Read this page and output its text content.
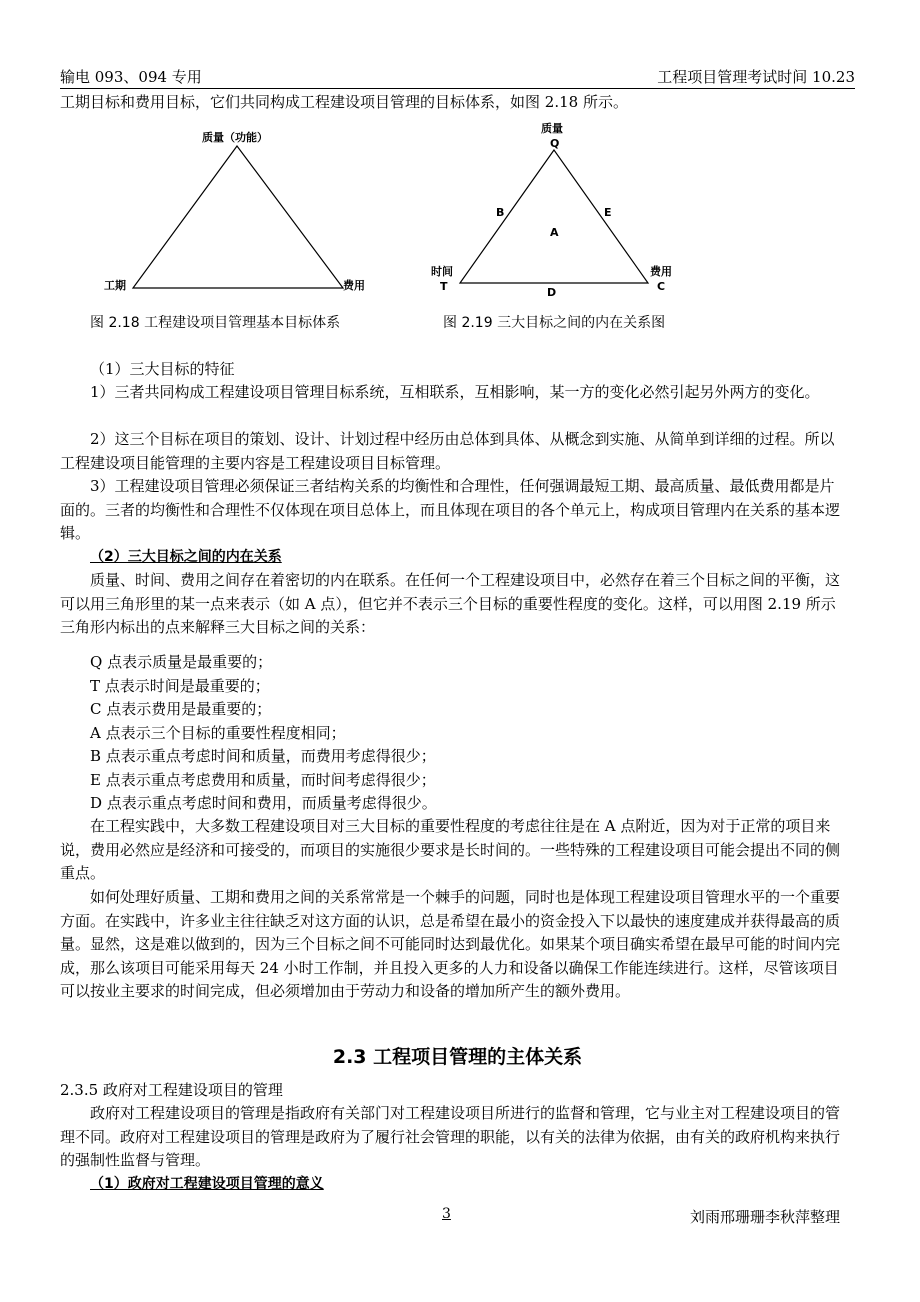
输电 093、094 专用	工程项目管理考试时间 10.23

工期目标和费用目标，它们共同构成工程建设项目管理的目标体系，如图 2.18 所示。

质量（功能）
工期	费用
质量
Q
时间
T
费用
C
B	E
A
D
图 2.18 工程建设项目管理基本目标体系	图 2.19 三大目标之间的内在关系图

（1）三大目标的特征

1）三者共同构成工程建设项目管理目标系统，互相联系，互相影响，某一方的变化必然引起另外两方的变化。

2）这三个目标在项目的策划、设计、计划过程中经历由总体到具体、从概念到实施、从简单到详细的过程。所以工程建设项目能管理的主要内容是工程建设项目目标管理。

3）工程建设项目管理必须保证三者结构关系的均衡性和合理性，任何强调最短工期、最高质量、最低费用都是片面的。三者的均衡性和合理性不仅体现在项目总体上，而且体现在项目的各个单元上，构成项目管理内在关系的基本逻辑。

（2）三大目标之间的内在关系

质量、时间、费用之间存在着密切的内在联系。在任何一个工程建设项目中，必然存在着三个目标之间的平衡，这可以用三角形里的某一点来表示（如 A 点），但它并不表示三个目标的重要性程度的变化。这样，可以用图 2.19 所示三角形内标出的点来解释三大目标之间的关系：

Q 点表示质量是最重要的；

T 点表示时间是最重要的；

C 点表示费用是最重要的；

A 点表示三个目标的重要性程度相同；

B 点表示重点考虑时间和质量，而费用考虑得很少；

E 点表示重点考虑费用和质量，而时间考虑得很少；

D 点表示重点考虑时间和费用，而质量考虑得很少。

在工程实践中，大多数工程建设项目对三大目标的重要性程度的考虑往往是在 A 点附近，因为对于正常的项目来说，费用必然应是经济和可接受的，而项目的实施很少要求是长时间的。一些特殊的工程建设项目可能会提出不同的侧重点。

如何处理好质量、工期和费用之间的关系常常是一个棘手的问题，同时也是体现工程建设项目管理水平的一个重要方面。在实践中，许多业主往往缺乏对这方面的认识，总是希望在最小的资金投入下以最快的速度建成并获得最高的质量。显然，这是难以做到的，因为三个目标之间不可能同时达到最优化。如果某个项目确实希望在最早可能的时间内完成，那么该项目可能采用每天 24 小时工作制，并且投入更多的人力和设备以确保工作能连续进行。这样，尽管该项目可以按业主要求的时间完成，但必须增加由于劳动力和设备的增加所产生的额外费用。

2.3 工程项目管理的主体关系

2.3.5 政府对工程建设项目的管理

政府对工程建设项目的管理是指政府有关部门对工程建设项目所进行的监督和管理，它与业主对工程建设项目的管理不同。政府对工程建设项目的管理是政府为了履行社会管理的职能，以有关的法律为依据，由有关的政府机构来执行的强制性监督与管理。

（1）政府对工程建设项目管理的意义

3	刘雨邢珊珊李秋萍整理
